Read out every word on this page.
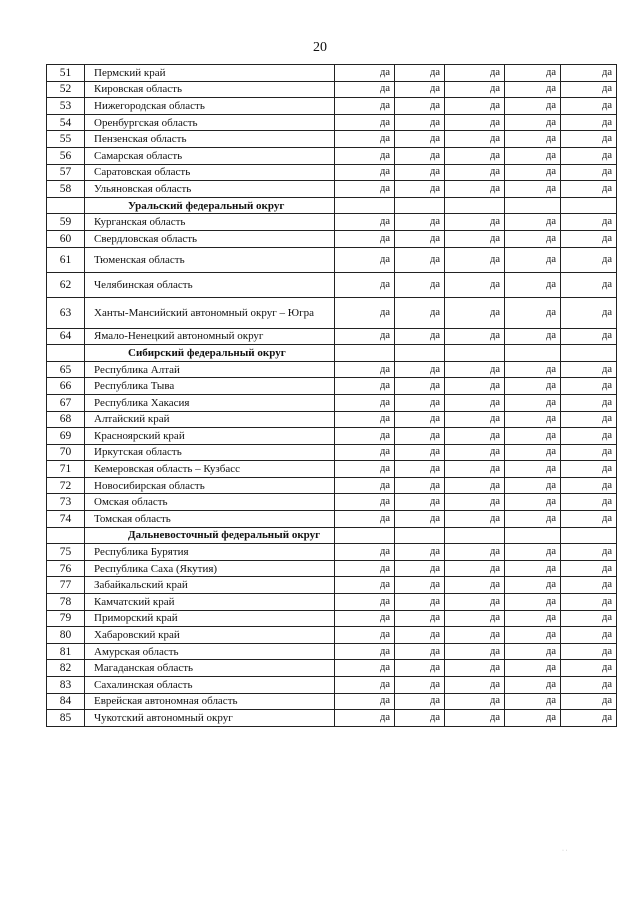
20
51	Пермский край	да	да	да	да	да
52	Кировская область	да	да	да	да	да
53	Нижегородская область	да	да	да	да	да
54	Оренбургская область	да	да	да	да	да
55	Пензенская область	да	да	да	да	да
56	Самарская область	да	да	да	да	да
57	Саратовская область	да	да	да	да	да
58	Ульяновская область	да	да	да	да	да
	Уральский федеральный округ					
59	Курганская область	да	да	да	да	да
60	Свердловская область	да	да	да	да	да
61	Тюменская область	да	да	да	да	да
62	Челябинская область	да	да	да	да	да
63	Ханты-Мансийский автономный округ – Югра	да	да	да	да	да
64	Ямало-Ненецкий автономный округ	да	да	да	да	да
	Сибирский федеральный округ					
65	Республика Алтай	да	да	да	да	да
66	Республика Тыва	да	да	да	да	да
67	Республика Хакасия	да	да	да	да	да
68	Алтайский край	да	да	да	да	да
69	Красноярский край	да	да	да	да	да
70	Иркутская область	да	да	да	да	да
71	Кемеровская область – Кузбасс	да	да	да	да	да
72	Новосибирская область	да	да	да	да	да
73	Омская область	да	да	да	да	да
74	Томская область	да	да	да	да	да
	Дальневосточный федеральный округ					
75	Республика Бурятия	да	да	да	да	да
76	Республика Саха (Якутия)	да	да	да	да	да
77	Забайкальский край	да	да	да	да	да
78	Камчатский край	да	да	да	да	да
79	Приморский край	да	да	да	да	да
80	Хабаровский край	да	да	да	да	да
81	Амурская область	да	да	да	да	да
82	Магаданская область	да	да	да	да	да
83	Сахалинская область	да	да	да	да	да
84	Еврейская автономная область	да	да	да	да	да
85	Чукотский автономный округ	да	да	да	да	да
· ·
